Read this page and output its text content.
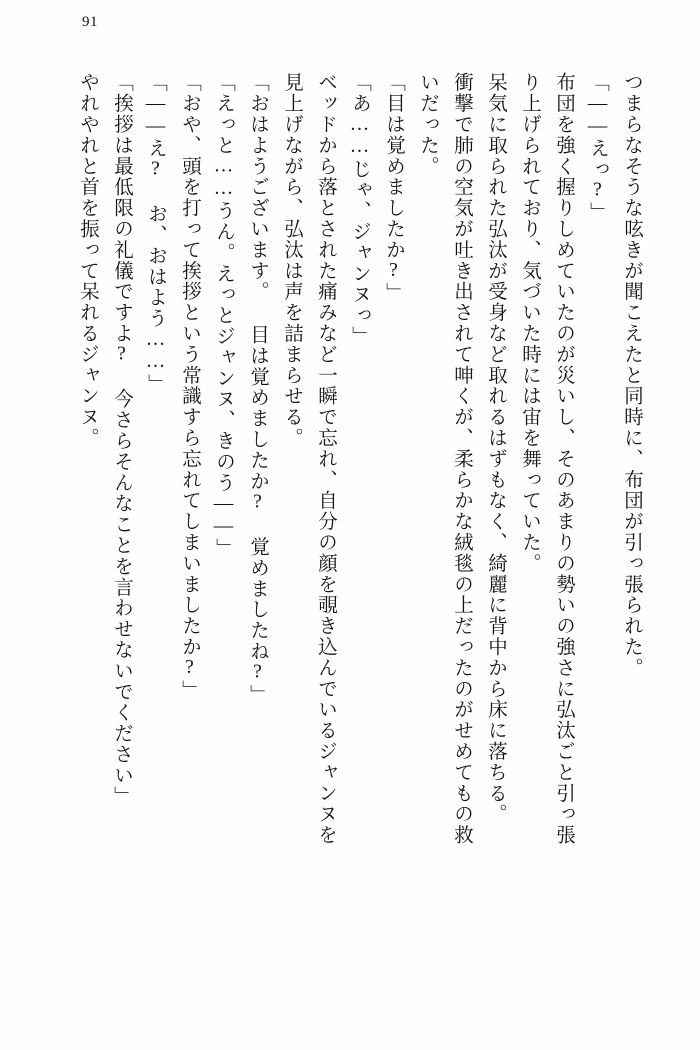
91
つまらなそうな呟きが聞こえたと同時に、布団が引っ張られた。
「——えっ?」
布団を強く握りしめていたのが災いし、そのあまりの勢いの強さに弘汰ごと引っ張
り上げられており、気づいた時には宙を舞っていた。
呆気に取られた弘汰が受身など取れるはずもなく、綺麗に背中から床に落ちる。
衝撃で肺の空気が吐き出されて呻くが、柔らかな絨毯の上だったのがせめてもの救
いだった。
「目は覚めましたか?」
「あ……じゃ、ジャンヌっ」
ベッドから落とされた痛みなど一瞬で忘れ、自分の顔を覗き込んでいるジャンヌを
見上げながら、弘汰は声を詰まらせる。
「おはようございます。 目は覚めましたか? 覚めましたね?」
「えっと……うん。えっとジャンヌ、きのう——」
「おや、頭を打って挨拶という常識すら忘れてしまいましたか?」
「——え? お、おはよう……」
「挨拶は最低限の礼儀ですよ? 今さらそんなことを言わせないでください」
やれやれと首を振って呆れるジャンヌ。
